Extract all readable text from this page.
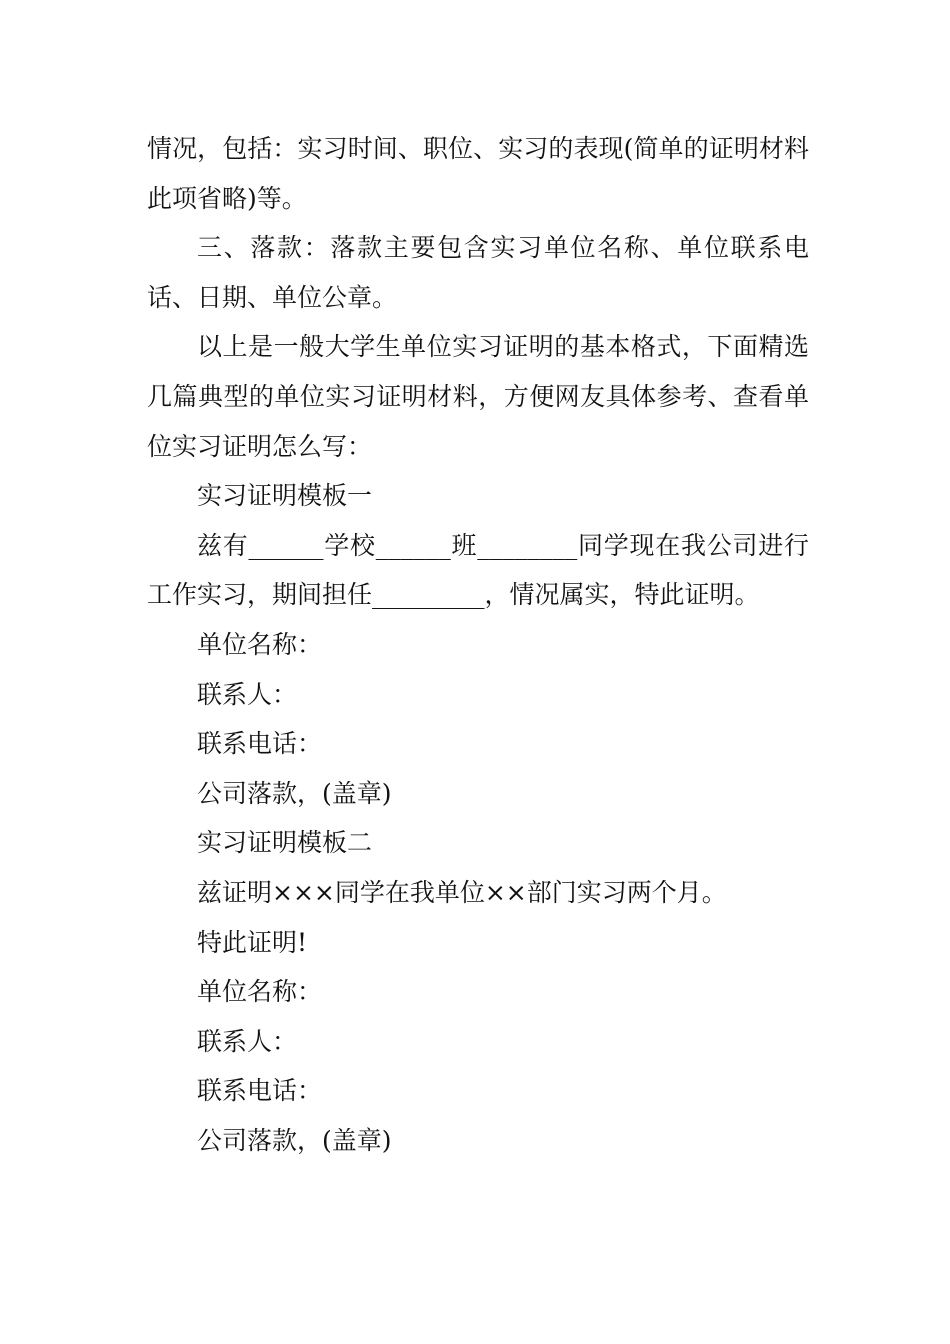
情况，包括：实习时间、职位、实习的表现(简单的证明材料此项省略)等。

三、落款：落款主要包含实习单位名称、单位联系电话、日期、单位公章。

以上是一般大学生单位实习证明的基本格式，下面精选几篇典型的单位实习证明材料，方便网友具体参考、查看单位实习证明怎么写：

实习证明模板一

兹有______学校______班________同学现在我公司进行工作实习，期间担任_________，情况属实，特此证明。

单位名称：

联系人：

联系电话：

公司落款，(盖章)

实习证明模板二

兹证明×××同学在我单位××部门实习两个月。

特此证明!

单位名称：

联系人：

联系电话：

公司落款，(盖章)
